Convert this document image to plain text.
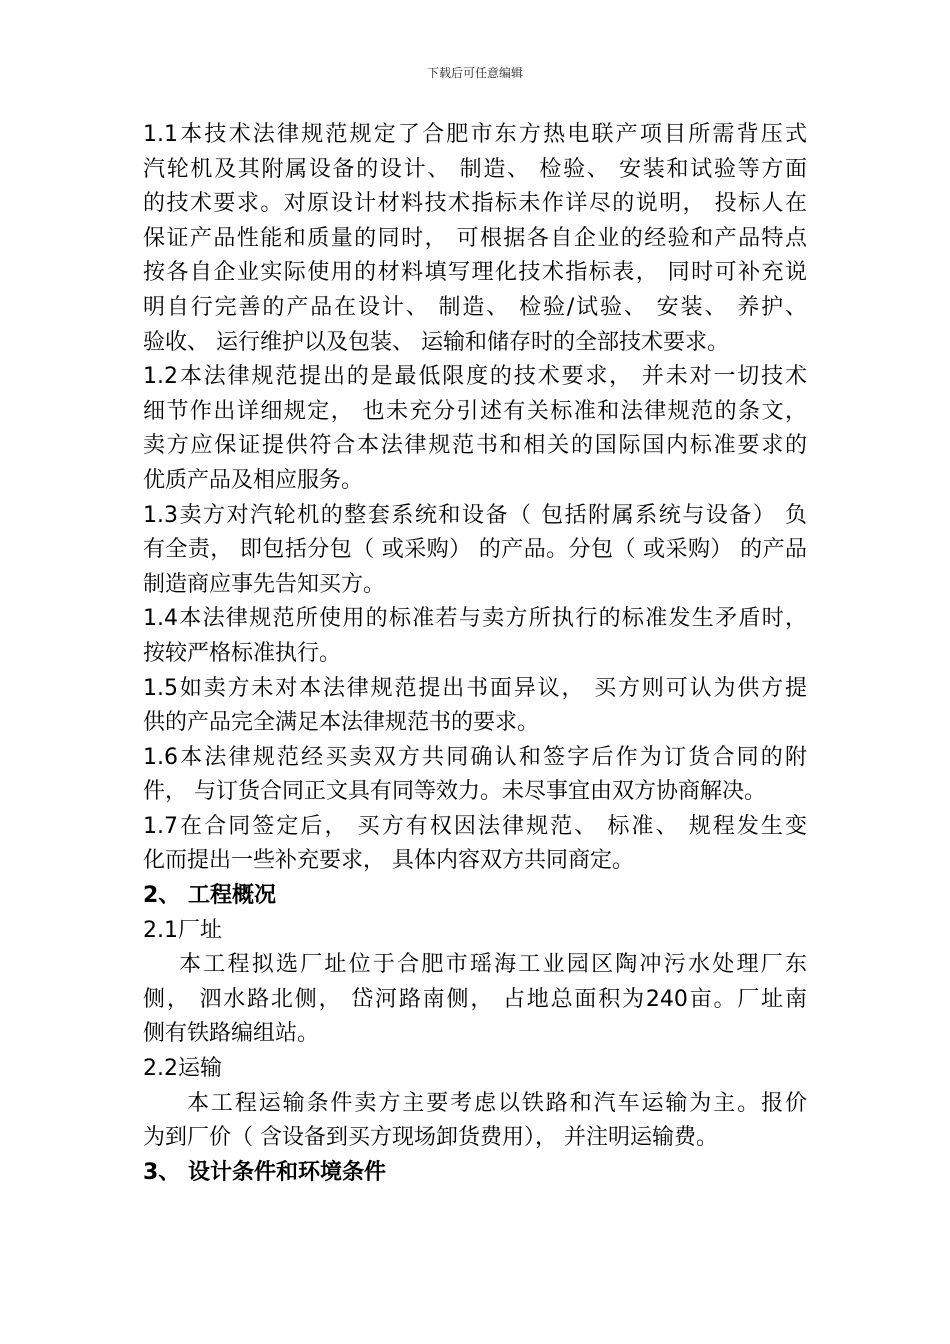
下载后可任意编辑
1.1本技术法律规范规定了合肥市东方热电联产项目所需背压式
汽轮机及其附属设备的设计、 制造、 检验、 安装和试验等方面
的技术要求。对原设计材料技术指标未作详尽的说明， 投标人在
保证产品性能和质量的同时， 可根据各自企业的经验和产品特点
按各自企业实际使用的材料填写理化技术指标表， 同时可补充说
明自行完善的产品在设计、 制造、 检验/试验、 安装、 养护、
验收、 运行维护以及包装、 运输和储存时的全部技术要求。
1.2本法律规范提出的是最低限度的技术要求， 并未对一切技术
细节作出详细规定， 也未充分引述有关标准和法律规范的条文，
卖方应保证提供符合本法律规范书和相关的国际国内标准要求的
优质产品及相应服务。
1.3卖方对汽轮机的整套系统和设备（ 包括附属系统与设备） 负
有全责， 即包括分包（ 或采购） 的产品。分包（ 或采购） 的产品
制造商应事先告知买方。
1.4本法律规范所使用的标准若与卖方所执行的标准发生矛盾时，
按较严格标准执行。
1.5如卖方未对本法律规范提出书面异议， 买方则可认为供方提
供的产品完全满足本法律规范书的要求。
1.6本法律规范经买卖双方共同确认和签字后作为订货合同的附
件， 与订货合同正文具有同等效力。未尽事宜由双方协商解决。
1.7在合同签定后， 买方有权因法律规范、 标准、 规程发生变
化而提出一些补充要求， 具体内容双方共同商定。
2、 工程概况
2.1厂址
本工程拟选厂址位于合肥市瑶海工业园区陶冲污水处理厂东
侧， 泗水路北侧， 岱河路南侧， 占地总面积为240亩。厂址南
侧有铁路编组站。
2.2运输
本工程运输条件卖方主要考虑以铁路和汽车运输为主。报价
为到厂价（ 含设备到买方现场卸货费用）， 并注明运输费。
3、 设计条件和环境条件
